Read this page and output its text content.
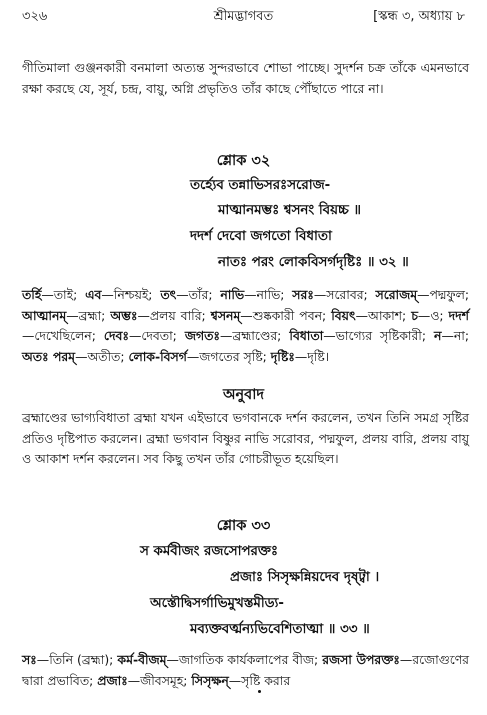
৩২৬	শ্রীমদ্ভাগবত	[স্কন্ধ ৩, অধ্যায় ৮
গীতিমালা গুঞ্জনকারী বনমালা অত্যন্ত সুন্দরভাবে শোভা পাচ্ছে। সুদর্শন চক্র তাঁকে এমনভাবে রক্ষা করছে যে, সূর্য, চন্দ্র, বায়ু, অগ্নি প্রভৃতিও তাঁর কাছে পৌঁছাতে পারে না।
শ্লোক ৩২
তর্হ্যেব তন্নাভিসরঃসরোজ-
মাত্মানমম্ভঃ শ্বসনং বিয়চ্চ ॥
দদর্শ দেবো জগতো বিধাতা
নাতঃ পরং লোকবিসর্গদৃষ্টিঃ ॥ ৩২ ॥
তর্হি—তাই; এব—নিশ্চয়ই; তৎ—তাঁর; নাভি—নাভি; সরঃ—সরোবর; সরোজম্—পদ্মফুল; আত্মানম্—ব্রহ্মা; অম্ভঃ—প্রলয় বারি; শ্বসনম্—শুষ্ককারী পবন; বিয়ৎ—আকাশ; চ—ও; দদর্শ—দেখেছিলেন; দেবঃ—দেবতা; জগতঃ—ব্রহ্মাণ্ডের; বিধাতা—ভাগ্যের সৃষ্টিকারী; ন—না; অতঃ পরম্—অতীত; লোক-বিসর্গ—জগতের সৃষ্টি; দৃষ্টিঃ—দৃষ্টি।
অনুবাদ
ব্রহ্মাণ্ডের ভাগ্যবিধাতা ব্রহ্মা যখন এইভাবে ভগবানকে দর্শন করলেন, তখন তিনি সমগ্র সৃষ্টির প্রতিও দৃষ্টিপাত করলেন। ব্রহ্মা ভগবান বিষ্ণুর নাভি সরোবর, পদ্মফুল, প্রলয় বারি, প্রলয় বায়ু ও আকাশ দর্শন করলেন। সব কিছু তখন তাঁর গোচরীভূত হয়েছিল।
শ্লোক ৩৩
স কর্মবীজং রজসোপরক্তঃ
প্রজাঃ সিসৃক্ষন্নিয়দেব দৃষ্ট্বা ।
অস্তৌদ্বিসর্গাভিমুখস্তমীড্য-
মব্যক্তবর্ত্মন্যভিবেশিতাত্মা ॥ ৩৩ ॥
সঃ—তিনি (ব্রহ্মা); কর্ম-বীজম্—জাগতিক কার্যকলাপের বীজ; রজসা উপরক্তঃ—রজোগুণের দ্বারা প্রভাবিত; প্রজাঃ—জীবসমূহ; সিসৃক্ষন্—সৃষ্টি করার
